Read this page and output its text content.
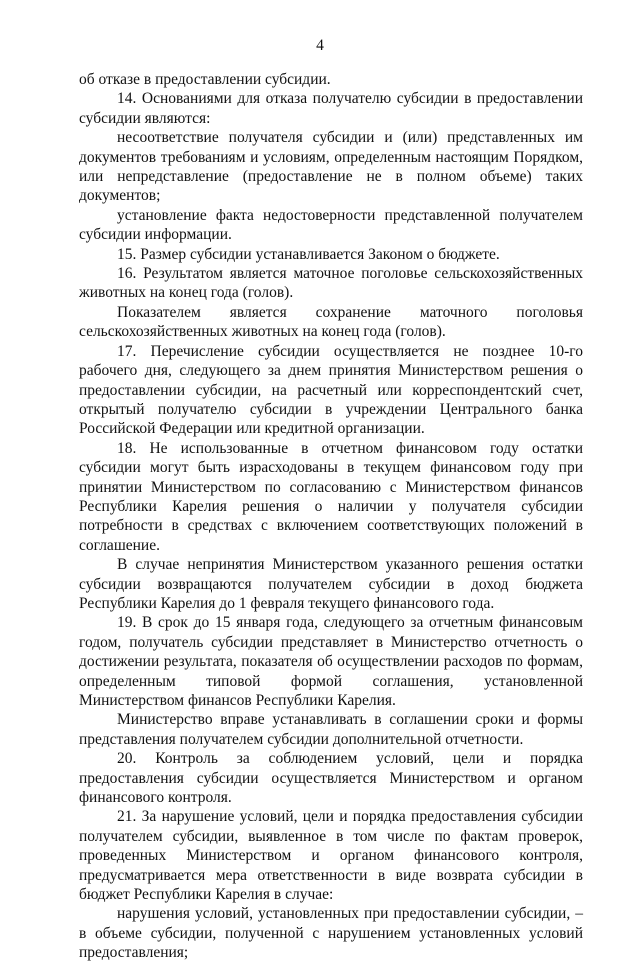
4

об отказе в предоставлении субсидии.

14. Основаниями для отказа получателю субсидии в предоставлении субсидии являются:

несоответствие получателя субсидии и (или) представленных им документов требованиям и условиям, определенным настоящим Порядком, или непредставление (предоставление не в полном объеме) таких документов;

установление факта недостоверности представленной получателем субсидии информации.

15. Размер субсидии устанавливается Законом о бюджете.

16. Результатом является маточное поголовье сельскохозяйственных животных на конец года (голов).

Показателем является сохранение маточного поголовья сельскохозяйственных животных на конец года (голов).

17. Перечисление субсидии осуществляется не позднее 10-го рабочего дня, следующего за днем принятия Министерством решения о предоставлении субсидии, на расчетный или корреспондентский счет, открытый получателю субсидии в учреждении Центрального банка Российской Федерации или кредитной организации.

18. Не использованные в отчетном финансовом году остатки субсидии могут быть израсходованы в текущем финансовом году при принятии Министерством по согласованию с Министерством финансов Республики Карелия решения о наличии у получателя субсидии потребности в средствах с включением соответствующих положений в соглашение.

В случае непринятия Министерством указанного решения остатки субсидии возвращаются получателем субсидии в доход бюджета Республики Карелия до 1 февраля текущего финансового года.

19. В срок до 15 января года, следующего за отчетным финансовым годом, получатель субсидии представляет в Министерство отчетность о достижении результата, показателя об осуществлении расходов по формам, определенным типовой формой соглашения, установленной Министерством финансов Республики Карелия.

Министерство вправе устанавливать в соглашении сроки и формы представления получателем субсидии дополнительной отчетности.

20. Контроль за соблюдением условий, цели и порядка предоставления субсидии осуществляется Министерством и органом финансового контроля.

21. За нарушение условий, цели и порядка предоставления субсидии получателем субсидии, выявленное в том числе по фактам проверок, проведенных Министерством и органом финансового контроля, предусматривается мера ответственности в виде возврата субсидии в бюджет Республики Карелия в случае:

нарушения условий, установленных при предоставлении субсидии, – в объеме субсидии, полученной с нарушением установленных условий предоставления;
